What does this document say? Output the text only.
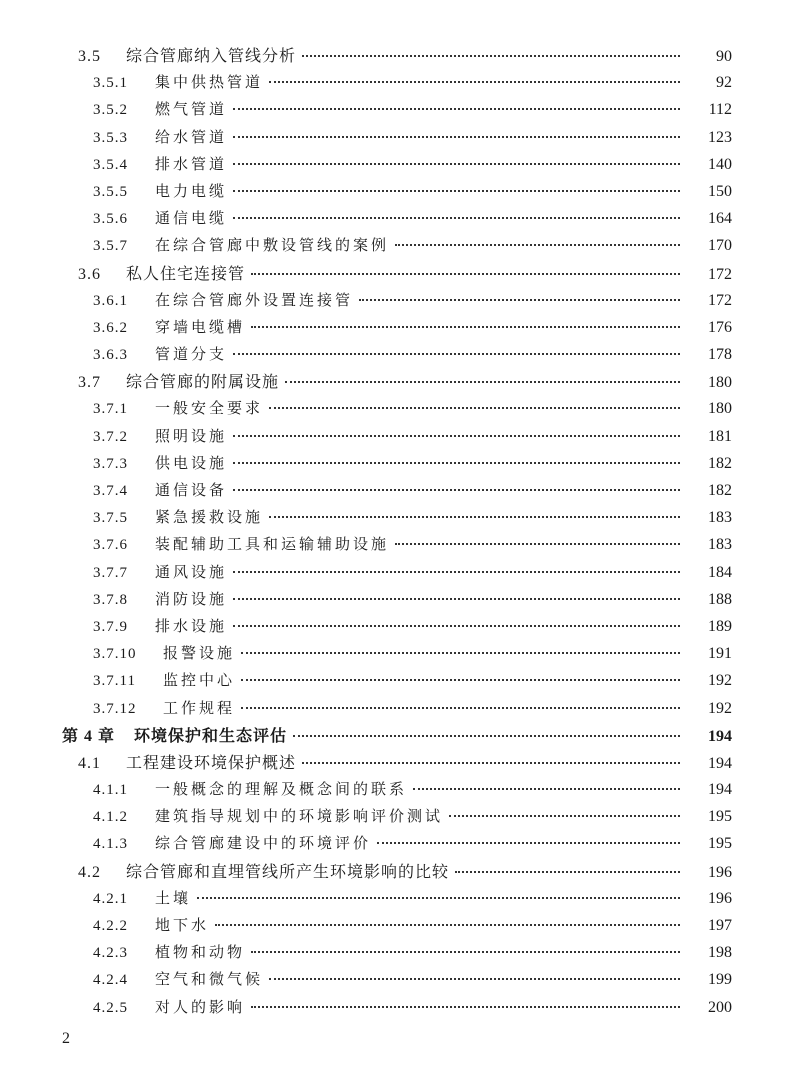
3.5	综合管廊纳入管线分析	90
3.5.1	集中供热管道	92
3.5.2	燃气管道	112
3.5.3	给水管道	123
3.5.4	排水管道	140
3.5.5	电力电缆	150
3.5.6	通信电缆	164
3.5.7	在综合管廊中敷设管线的案例	170
3.6	私人住宅连接管	172
3.6.1	在综合管廊外设置连接管	172
3.6.2	穿墙电缆槽	176
3.6.3	管道分支	178
3.7	综合管廊的附属设施	180
3.7.1	一般安全要求	180
3.7.2	照明设施	181
3.7.3	供电设施	182
3.7.4	通信设备	182
3.7.5	紧急援救设施	183
3.7.6	装配辅助工具和运输辅助设施	183
3.7.7	通风设施	184
3.7.8	消防设施	188
3.7.9	排水设施	189
3.7.10	报警设施	191
3.7.11	监控中心	192
3.7.12	工作规程	192
第 4 章	环境保护和生态评估	194
4.1	工程建设环境保护概述	194
4.1.1	一般概念的理解及概念间的联系	194
4.1.2	建筑指导规划中的环境影响评价测试	195
4.1.3	综合管廊建设中的环境评价	195
4.2	综合管廊和直埋管线所产生环境影响的比较	196
4.2.1	土壤	196
4.2.2	地下水	197
4.2.3	植物和动物	198
4.2.4	空气和微气候	199
4.2.5	对人的影响	200
2
